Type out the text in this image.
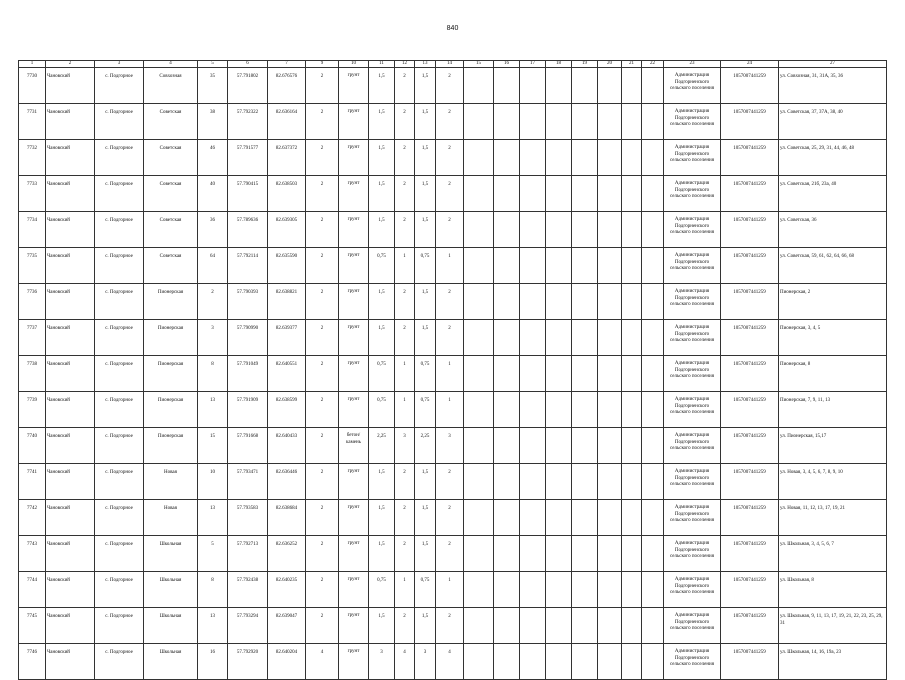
840
1	2	3	4	5	6	7	9	10	11	12	13	14	15	16	17	18	19	20	21	22	23	24	27
7730	Чановский	с. Подгорное	Совхозная	35	57.791802	82.676576	2	грунт	1,5	2	1,5	2									Администрация Подгорненского сельского поселения	1057007441259	ул. Совхозная, 31, 31А, 35, 36
7731	Чановский	с. Подгорное	Советская	38	57.792322	82.636164	2	грунт	1,5	2	1,5	2									Администрация Подгорненского сельского поселения	1057007441259	ул. Советская, 37, 37А, 38, 40
7732	Чановский	с. Подгорное	Советская	46	57.791577	82.637372	2	грунт	1,5	2	1,5	2									Администрация Подгорненского сельского поселения	1057007441259	ул. Советская, 25, 29, 31, 44, 46, 48
7733	Чановский	с. Подгорное	Советская	40	57.790415	82.638503	2	грунт	1,5	2	1,5	2									Администрация Подгорненского сельского поселения	1057007441259	ул. Советская, 21б, 23а, 40
7734	Чановский	с. Подгорное	Советская	36	57.789636	82.639305	2	грунт	1,5	2	1,5	2									Администрация Подгорненского сельского поселения	1057007441259	ул. Советская, 36
7735	Чановский	с. Подгорное	Советская	64	57.792114	82.635590	2	грунт	0,75	1	0,75	1									Администрация Подгорненского сельского поселения	1057007441259	ул. Советская, 59, 61, 62, 64, 66, 68
7736	Чановский	с. Подгорное	Пионерская	2	57.790393	82.638821	2	грунт	1,5	2	1,5	2									Администрация Подгорненского сельского поселения	1057007441259	Пионерская, 2
7737	Чановский	с. Подгорное	Пионерская	3	57.790990	82.639377	2	грунт	1,5	2	1,5	2									Администрация Подгорненского сельского поселения	1057007441259	Пионерская, 3, 4, 5
7738	Чановский	с. Подгорное	Пионерская	8	57.791049	82.640551	2	грунт	0,75	1	0,75	1									Администрация Подгорненского сельского поселения	1057007441259	Пионерская, 8
7739	Чановский	с. Подгорное	Пионерская	13	57.791909	82.638599	2	грунт	0,75	1	0,75	1									Администрация Подгорненского сельского поселения	1057007441259	Пионерская, 7, 9, 11, 13
7740	Чановский	с. Подгорное	Пионерская	15	57.791668	82.640433	2	бетон/ камень	2,25	3	2,25	3									Администрация Подгорненского сельского поселения	1057007441259	ул. Пионерская, 15,17
7741	Чановский	с. Подгорное	Новая	10	57.793471	82.636446	2	грунт	1,5	2	1,5	2									Администрация Подгорненского сельского поселения	1057007441259	ул. Новая, 3, 4, 5, 6, 7, 8, 9, 10
7742	Чановский	с. Подгорное	Новая	13	57.793583	82.638684	2	грунт	1,5	2	1,5	2									Администрация Подгорненского сельского поселения	1057007441259	ул. Новая, 11, 12, 13, 17, 19, 21
7743	Чановский	с. Подгорное	Школьная	5	57.792713	82.636252	2	грунт	1,5	2	1,5	2									Администрация Подгорненского сельского поселения	1057007441259	ул. Школьная, 3, 4, 5, 6, 7
7744	Чановский	с. Подгорное	Школьная	8	57.792438	82.640235	2	грунт	0,75	1	0,75	1									Администрация Подгорненского сельского поселения	1057007441259	ул. Школьная, 8
7745	Чановский	с. Подгорное	Школьная	13	57.793294	82.639047	2	грунт	1,5	2	1,5	2									Администрация Подгорненского сельского поселения	1057007441259	ул. Школьная, 9, 11, 13, 17, 19, 21, 22, 23, 25, 29, 31
7746	Чановский	с. Подгорное	Школьная	16	57.792920	82.640204	4	грунт	3	4	3	4									Администрация Подгорненского сельского поселения	1057007441259	ул. Школьная, 14, 16, 19а, 23
